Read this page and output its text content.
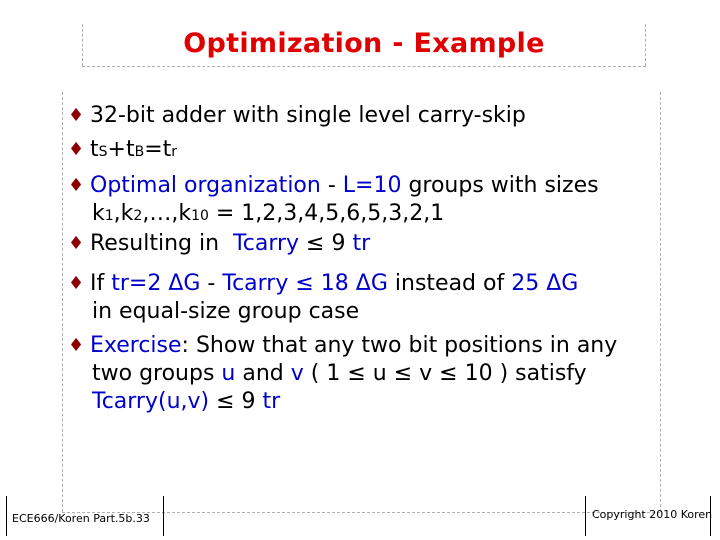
Optimization - Example
♦ 32-bit adder with single level carry-skip
♦ tS+tB=tr
♦ Optimal organization - L=10 groups with sizes
k1,k2,…,k10 = 1,2,3,4,5,6,5,3,2,1
♦ Resulting in Tcarry ≤ 9 tr
♦ If tr=2 ΔG - Tcarry ≤ 18 ΔG instead of 25 ΔG
in equal-size group case
♦ Exercise: Show that any two bit positions in any
two groups u and v ( 1 ≤ u ≤ v ≤ 10 ) satisfy
Tcarry(u,v) ≤ 9 tr
ECE666/Koren Part.5b.33	Copyright 2010 Koren
